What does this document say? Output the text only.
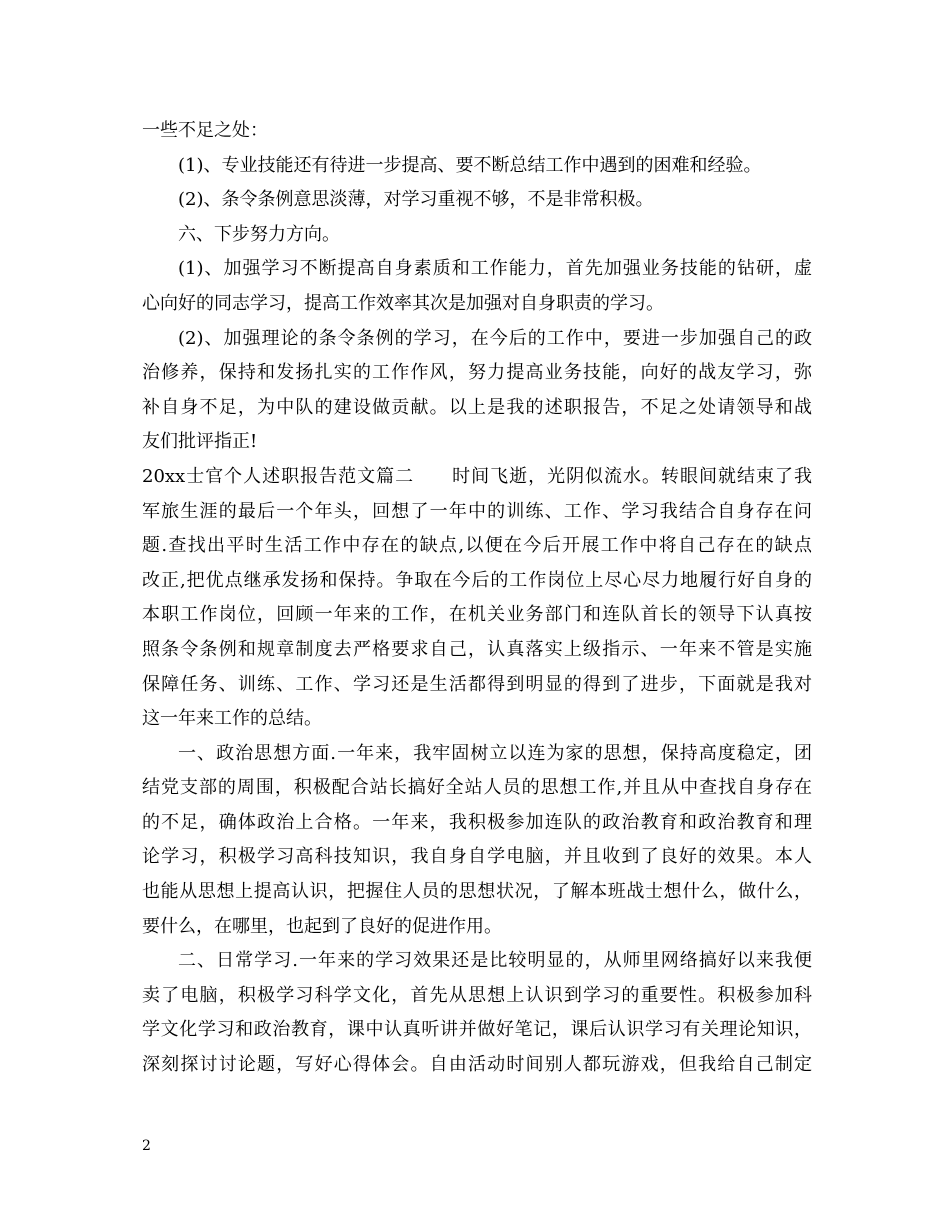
一些不足之处：
(1)、专业技能还有待进一步提高、要不断总结工作中遇到的困难和经验。
(2)、条令条例意思淡薄，对学习重视不够，不是非常积极。
六、下步努力方向。
(1)、加强学习不断提高自身素质和工作能力，首先加强业务技能的钻研，虚
心向好的同志学习，提高工作效率其次是加强对自身职责的学习。
(2)、加强理论的条令条例的学习，在今后的工作中，要进一步加强自己的政
治修养，保持和发扬扎实的工作作风，努力提高业务技能，向好的战友学习，弥
补自身不足，为中队的建设做贡献。以上是我的述职报告，不足之处请领导和战
友们批评指正!
20xx士官个人述职报告范文篇二　　时间飞逝，光阴似流水。转眼间就结束了我
军旅生涯的最后一个年头，回想了一年中的训练、工作、学习我结合自身存在问
题.查找出平时生活工作中存在的缺点,以便在今后开展工作中将自己存在的缺点
改正,把优点继承发扬和保持。争取在今后的工作岗位上尽心尽力地履行好自身的
本职工作岗位，回顾一年来的工作，在机关业务部门和连队首长的领导下认真按
照条令条例和规章制度去严格要求自己，认真落实上级指示、一年来不管是实施
保障任务、训练、工作、学习还是生活都得到明显的得到了进步，下面就是我对
这一年来工作的总结。
一、政治思想方面.一年来，我牢固树立以连为家的思想，保持高度稳定，团
结党支部的周围，积极配合站长搞好全站人员的思想工作,并且从中查找自身存在
的不足，确体政治上合格。一年来，我积极参加连队的政治教育和政治教育和理
论学习，积极学习高科技知识，我自身自学电脑，并且收到了良好的效果。本人
也能从思想上提高认识，把握住人员的思想状况，了解本班战士想什么，做什么，
要什么，在哪里，也起到了良好的促进作用。
二、日常学习.一年来的学习效果还是比较明显的，从师里网络搞好以来我便
卖了电脑，积极学习科学文化，首先从思想上认识到学习的重要性。积极参加科
学文化学习和政治教育，课中认真听讲并做好笔记，课后认识学习有关理论知识，
深刻探讨讨论题，写好心得体会。自由活动时间别人都玩游戏，但我给自己制定
2
